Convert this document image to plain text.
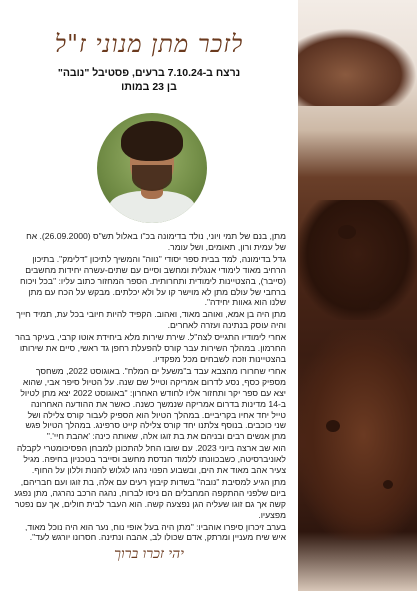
לזכר מתן מנוני ז"ל
נרצח ב-7.10.24 ברעים, פסטיבל "נובה"
בן 23 במותו

מתן, בנם של תמי ויוני, נולד בדימונה בכ"ו באלול תש"ס (26.09.2000). אח של עמית ורון, תאומים, ושל עומר.

גדל בדימונה, למד בבית ספר יסודי "נווה" והמשיך לתיכון "דלימק". בתיכון הרחיב מאוד לימודי אנגלית ומחשב וסיים עם שתים-עשרה יחידות מחשבים (סייבר), בהצטיינות לימודית ותחרותית. הספר המחזור כתוב עליו: "בכל ויכוח ברחבי של עולם מתן לא מוישר קו על ולא יכלתים. מבקש על הכח עם מתן שלנו הוא גאוות יחידה".

מתן היה בן אמא, ואוהב מאוד, ואהוב. הקפיד להיות חיובי בכל עת, תמיד חייך והיה עוסק בנתינה ועזרה לאחרים.

אחרי לימודיו התגייס לצה"ל. שירת שירות מלא ביחידת אוטו קרבי, בעיקר בהר החרמון. במהלך השירות עבר קורס להפעלת רחפן גד ראשי, סיים את שירותו בהצטיינות וזכה לשבחים מכל מפקדיו.

אחרי שחרורו מהצבא עבד ב"משעל ים המלח". באוגוסט 2022, משחסך מספיק כסף, נסע לדרום אמריקה וטייל שם שנה. על הטיול סיפר אבי, שהוא יצא עם ספר יקר ותחזור אליו לחודש האחרון: "באוגוסט 2022 יצא מתן לטיול ב-14 מדינות בדרום אמריקה שנמשך כשנה. כאשר את ההודעה האחרונה טייל יחד אחיו בקריביים. במהלך הטיול הוא הספיק לעבור קורס צלילה ושל שני כוכבים. בנוסף צלתנו יחד קורס צלילה קייט סרפינג. במהלך הטיול פגש מתן אנשים רבים ובניהם את בת זוגו אלה, שאותה כינה: 'אהבת חיי'."

הוא שב ארצה ביוני 2023. עם שובו החל להתכונן למבחן הפסיכומטרי לקבלה לאוניברסיטה, כשבכוונתו ללמוד הנדסת מחשב וסייבר בטכניון בחיפה. מגיל צעיר אהב מאוד את הים, ובשבוע הפנוי נהגו לגלוש להנות וללון על החוף.

מתן הגיע למסיבת "נובה" בשדות קיבוץ רעים עם אלה, בת זוגו ועם חבריהם, ביום שלפני ההתקפה המחבלים הם ניסו לברוח, נהגה הרכב נהרגה, מתן נפגע קשה אך גם זוגו שעליה הגן נפצעה קשה. הוא העבר לבית חולים, אך עם נפטר מפצעיו.

בערב זיכרון סיפרו אוהביו: "מתן היה בעל אופי נוח, נער הוא היה נוכל מאוד, איש שיח מעניין ומרתק, אדם שכולו לב, אהבה ונתינה. חסרונו יורגש לעד".

יהי זכרו ברוך
